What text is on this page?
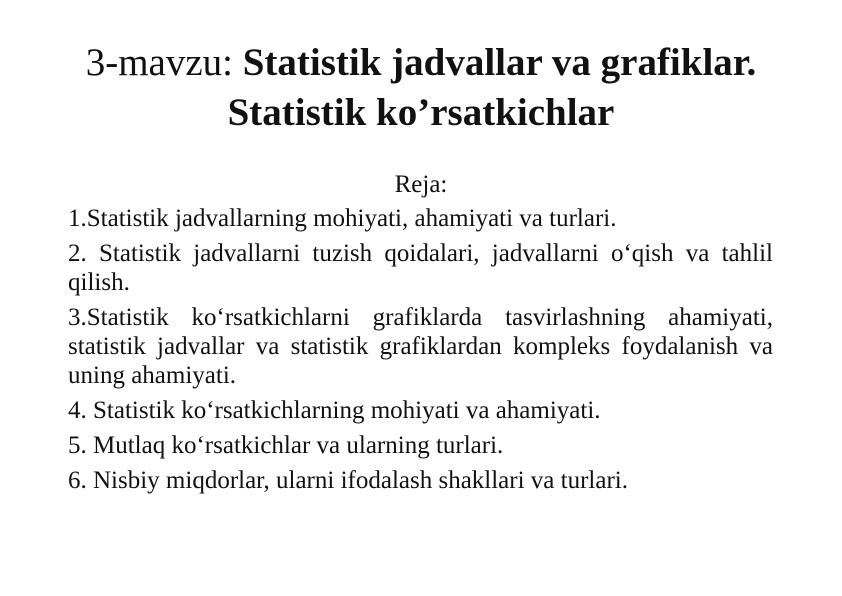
3-mavzu: Statistik jadvallar va grafiklar. Statistik ko’rsatkichlar
Reja:
1.Statistik jadvallarning mohiyati, ahamiyati va turlari.
2. Statistik jadvallarni tuzish qoidalari, jadvallarni o‘qish va tahlil qilish.
3.Statistik ko‘rsatkichlarni grafiklarda tasvirlashning ahamiyati, statistik jadvallar va statistik grafiklardan kompleks foydalanish va uning ahamiyati.
4. Statistik ko‘rsatkichlarning mohiyati va ahamiyati.
5. Mutlaq ko‘rsatkichlar va ularning turlari.
6. Nisbiy miqdorlar, ularni ifodalash shakllari va turlari.
